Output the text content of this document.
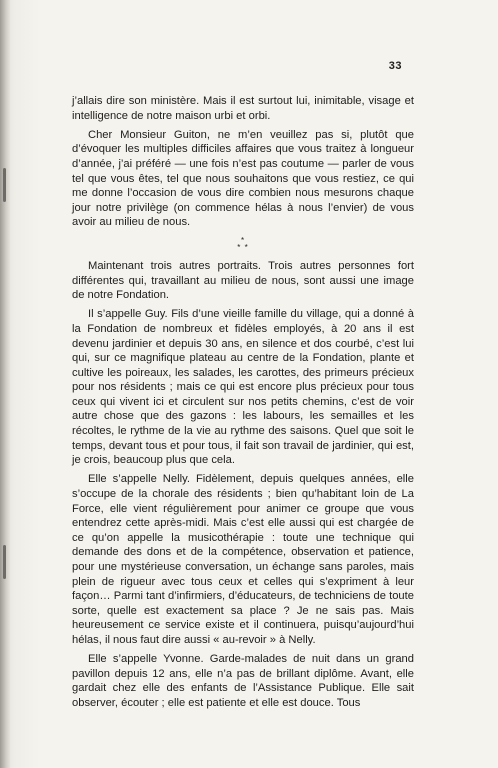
33

j’allais dire son ministère. Mais il est surtout lui, inimitable, visage et intelligence de notre maison urbi et orbi.

Cher Monsieur Guiton, ne m’en veuillez pas si, plutôt que d’évoquer les multiples difficiles affaires que vous traitez à longueur d’année, j’ai préféré — une fois n’est pas coutume — parler de vous tel que vous êtes, tel que nous souhaitons que vous restiez, ce qui me donne l’occasion de vous dire combien nous mesurons chaque jour notre privilège (on commence hélas à nous l’envier) de vous avoir au milieu de nous.

*
* *

Maintenant trois autres portraits. Trois autres personnes fort différentes qui, travaillant au milieu de nous, sont aussi une image de notre Fondation.

Il s’appelle Guy. Fils d’une vieille famille du village, qui a donné à la Fondation de nombreux et fidèles employés, à 20 ans il est devenu jardinier et depuis 30 ans, en silence et dos courbé, c’est lui qui, sur ce magnifique plateau au centre de la Fondation, plante et cultive les poireaux, les salades, les carottes, des primeurs précieux pour nos résidents ; mais ce qui est encore plus précieux pour tous ceux qui vivent ici et circulent sur nos petits chemins, c’est de voir autre chose que des gazons : les labours, les semailles et les récoltes, le rythme de la vie au rythme des saisons. Quel que soit le temps, devant tous et pour tous, il fait son travail de jardinier, qui est, je crois, beaucoup plus que cela.

Elle s’appelle Nelly. Fidèlement, depuis quelques années, elle s’occupe de la chorale des résidents ; bien qu’habitant loin de La Force, elle vient régulièrement pour animer ce groupe que vous entendrez cette après-midi. Mais c’est elle aussi qui est chargée de ce qu’on appelle la musicothérapie : toute une technique qui demande des dons et de la compétence, observation et patience, pour une mystérieuse conversation, un échange sans paroles, mais plein de rigueur avec tous ceux et celles qui s’expriment à leur façon… Parmi tant d’infirmiers, d’éducateurs, de techniciens de toute sorte, quelle est exactement sa place ? Je ne sais pas. Mais heureusement ce service existe et il continuera, puisqu’aujourd’hui hélas, il nous faut dire aussi « au-revoir » à Nelly.

Elle s’appelle Yvonne. Garde-malades de nuit dans un grand pavillon depuis 12 ans, elle n’a pas de brillant diplôme. Avant, elle gardait chez elle des enfants de l’Assistance Publique. Elle sait observer, écouter ; elle est patiente et elle est douce. Tous
